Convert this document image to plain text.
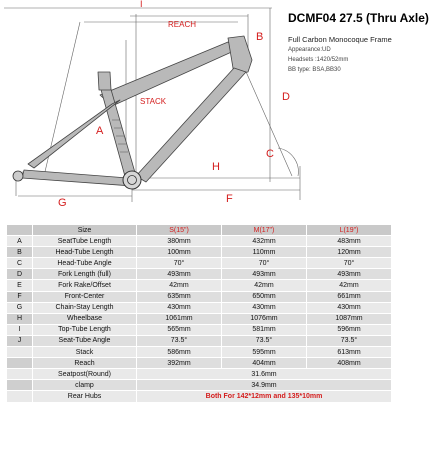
I
REACH
B
STACK	D
A
H
C
G	F
DCMF04 27.5 (Thru Axle)
Full Carbon Monocoque Frame
Appearance:UD
Headsets :1420/52mm
BB type: BSA,BB30
	Size	S(15")	M(17")	L(19")
A	SeatTube Length	380mm	432mm	483mm
B	Head-Tube Length	100mm	110mm	120mm
C	Head-Tube Angle	70°	70°	70°
D	Fork Length (full)	493mm	493mm	493mm
E	Fork Rake/Offset	42mm	42mm	42mm
F	Front-Center	635mm	650mm	661mm
G	Chain-Stay Length	430mm	430mm	430mm
H	Wheelbase	1061mm	1076mm	1087mm
I	Top-Tube Length	565mm	581mm	596mm
J	Seat-Tube Angle	73.5°	73.5°	73.5°
	Stack	586mm	595mm	613mm
	Reach	392mm	404mm	408mm
	Seatpost(Round)	31.6mm		
	clamp	34.9mm		
	Rear Hubs	Both For 142*12mm and 135*10mm		
